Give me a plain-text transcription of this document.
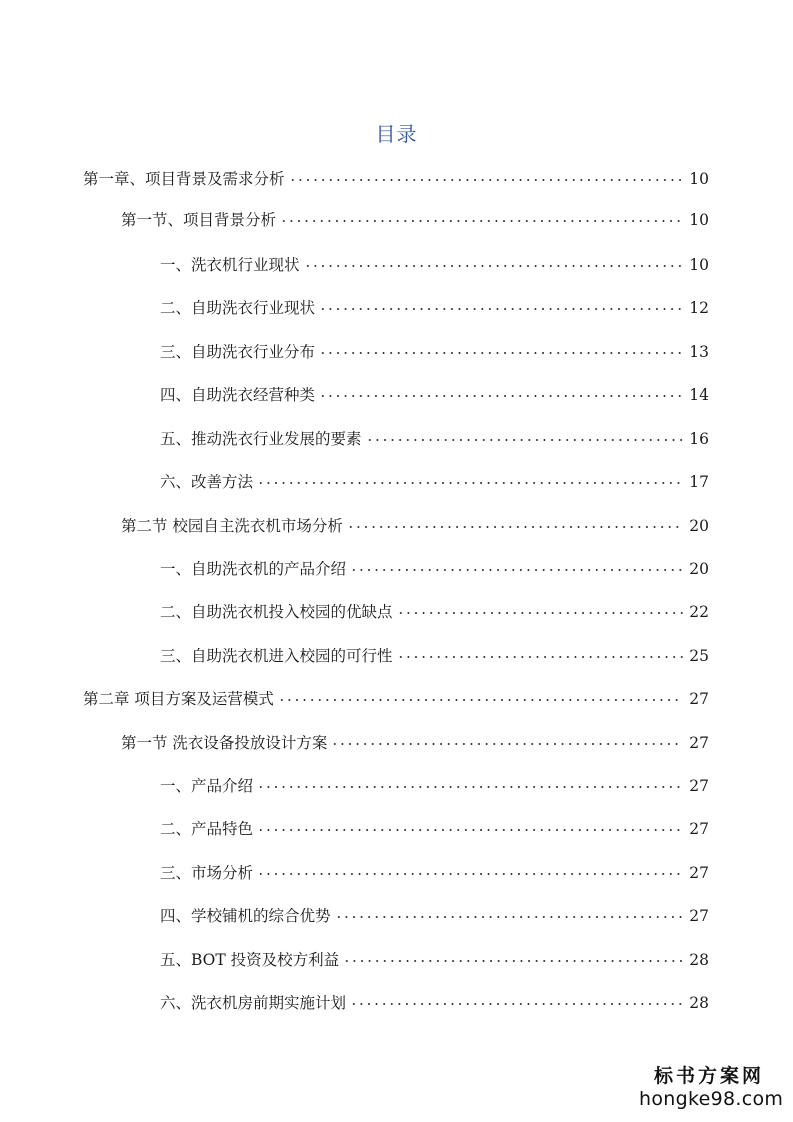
目录
第一章、项目背景及需求分析	10
第一节、项目背景分析	10
一、洗衣机行业现状	10
二、自助洗衣行业现状	12
三、自助洗衣行业分布	13
四、自助洗衣经营种类	14
五、推动洗衣行业发展的要素	16
六、改善方法	17
第二节 校园自主洗衣机市场分析	20
一、自助洗衣机的产品介绍	20
二、自助洗衣机投入校园的优缺点	22
三、自助洗衣机进入校园的可行性	25
第二章 项目方案及运营模式	27
第一节 洗衣设备投放设计方案	27
一、产品介绍	27
二、产品特色	27
三、市场分析	27
四、学校铺机的综合优势	27
五、BOT 投资及校方利益	28
六、洗衣机房前期实施计划	28
标书方案网
hongke98.com
